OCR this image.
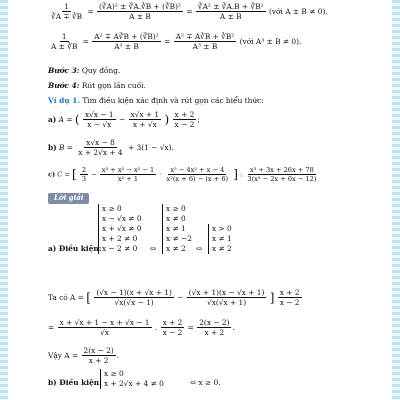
$\frac{1}{∛A \mp ∛B} = \frac{\text{(∛A)² ± ∛A.∛B + (∛B)²}}{A \pm B} = \frac{\text{∛A² ± ∛A.B + ∛B²}}{A \pm B}$ (với A ± B ≠ 0).
$\frac{1}{A \pm ∛B} = \frac{\text{A² ∓ A∛B + (∛B)²}}{\text{A³ ± B}} = \frac{\text{A² ∓ A∛B + ∛B²}}{\text{A³ ± B}}$ (với A³ ± B ≠ 0).
Bước 3: Quy đồng.
Bước 4: Rút gọn lần cuối.
Ví dụ 1. Tìm điều kiện xác định và rút gọn các biểu thức:
a) A = ( $\frac{x√x - 1}{x - √x} - \frac{x√x + 1}{x + √x}$ ) $\frac{x + 2}{x - 2}$ ;
b) $B = \frac{x√x - 8}{x + 2√x + 4} + 3(1 - √x)$.
c) C = [ $\frac{2}{3} - \frac{\text{x³ + x² − x² − 1}}{\text{x² + 1}} \cdot \frac{\text{x⁵ − 4x² + x − 4}}{\text{x²(x + 6) − (x + 6)}}$ ] : $\frac{\text{x³ + 3x + 26x + 78}}{\text{3(x² − 2x + 6x − 12)}}$
Lời giải
a) Điều kiện:
x ≥ 0
x − √x ≠ 0
x + √x ≠ 0
x + 2 ≠ 0
x − 2 ≠ 0	⇔
x ≥ 0
x ≠ 0
x ≠ 1
x ≠ −2
x ≠ 2	⇔
x > 0
x ≠ 1
x ≠ 2
Ta có A = [ $\frac{(√x - 1)(x + √x + 1)}{√x(√x - 1)} - \frac{(√x + 1)(x - √x + 1)}{√x(√x + 1)}$ ] $\frac{x + 2}{x - 2}$
= $\frac{x + √x + 1 - x + √x - 1}{√x}$ . $\frac{x + 2}{x - 2} = \frac{2(x - 2)}{x + 2}$ .
Vậy $A = \frac{2(x - 2)}{x + 2}$ .
b) Điều kiện:
x ≥ 0
x + 2√x + 4 ≠ 0	⇔ x ≥ 0.
